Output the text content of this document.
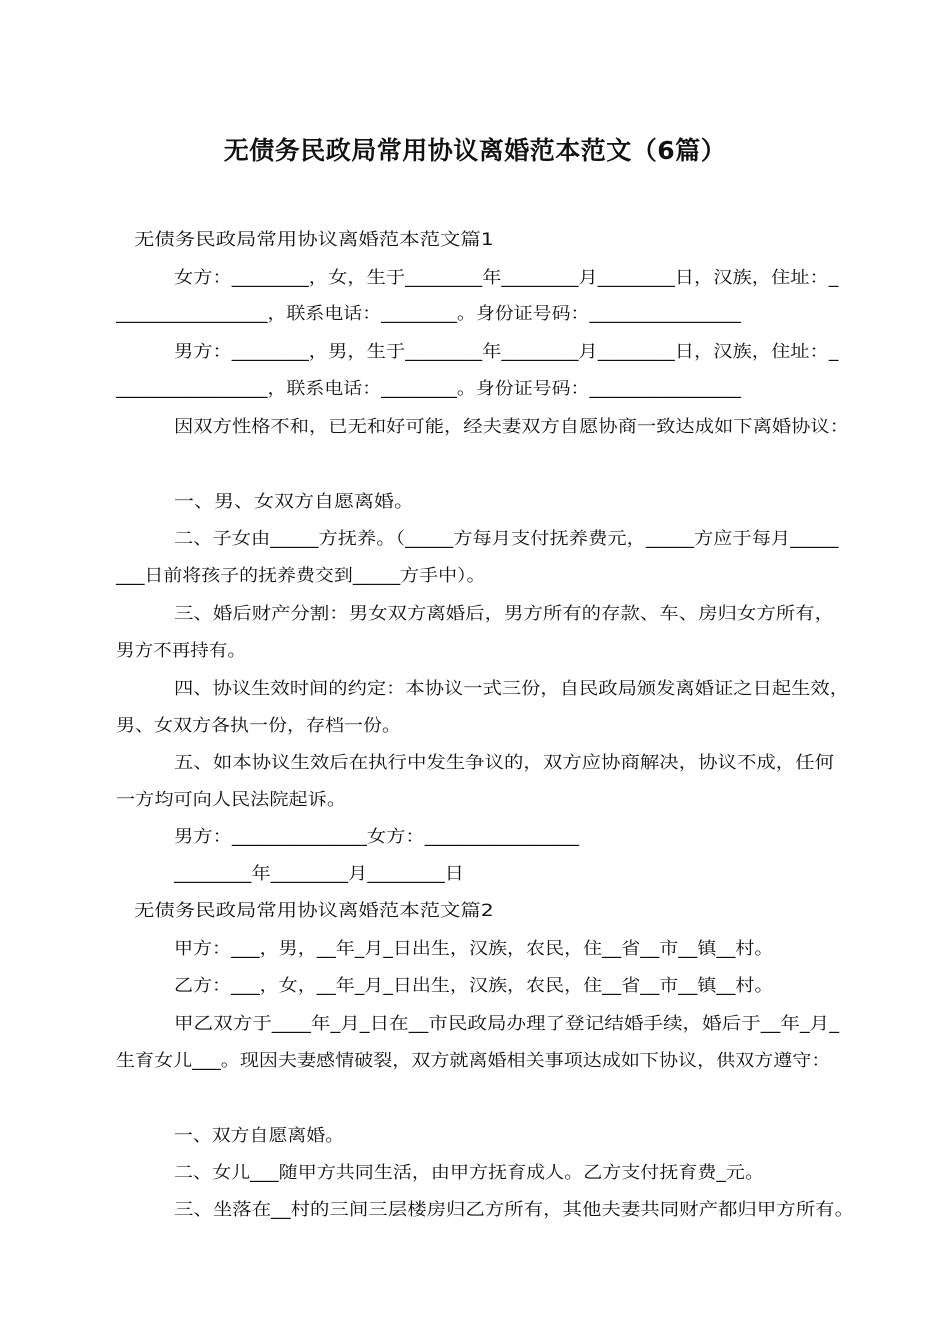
无债务民政局常用协议离婚范本范文（6篇）
无债务民政局常用协议离婚范本范文篇1
女方：________，女，生于________年________月________日，汉族，住址：_
________________，联系电话：________。身份证号码：________________
男方：________，男，生于________年________月________日，汉族，住址：_
________________，联系电话：________。身份证号码：________________
因双方性格不和，已无和好可能，经夫妻双方自愿协商一致达成如下离婚协议：
一、男、女双方自愿离婚。
二、子女由_____方抚养。（_____方每月支付抚养费元，_____方应于每月_____
___日前将孩子的抚养费交到_____方手中）。
三、婚后财产分割：男女双方离婚后，男方所有的存款、车、房归女方所有，
男方不再持有。
四、协议生效时间的约定：本协议一式三份，自民政局颁发离婚证之日起生效，
男、女双方各执一份，存档一份。
五、如本协议生效后在执行中发生争议的，双方应协商解决，协议不成，任何
一方均可向人民法院起诉。
男方：______________女方：________________
________年________月________日
无债务民政局常用协议离婚范本范文篇2
甲方：___，男，__年_月_日出生，汉族，农民，住__省__市__镇__村。
乙方：___，女，__年_月_日出生，汉族，农民，住__省__市__镇__村。
甲乙双方于____年_月_日在__市民政局办理了登记结婚手续，婚后于__年_月_
生育女儿___。现因夫妻感情破裂，双方就离婚相关事项达成如下协议，供双方遵守：
一、双方自愿离婚。
二、女儿___随甲方共同生活，由甲方抚育成人。乙方支付抚育费_元。
三、坐落在__村的三间三层楼房归乙方所有，其他夫妻共同财产都归甲方所有。
